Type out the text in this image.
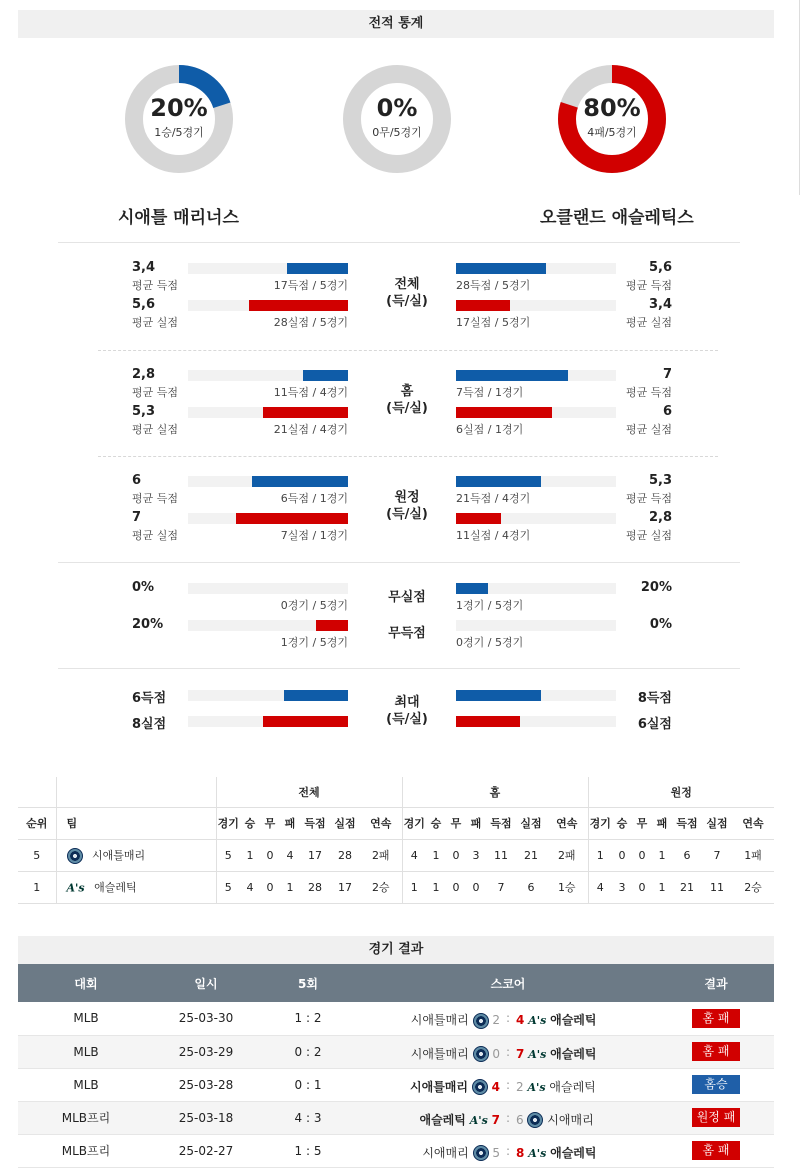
전적 통계
20%
1승/5경기
0%
0무/5경기
80%
4패/5경기
시애틀 매리너스	오클랜드 애슬레틱스
3,4
평균 득점	17득점 / 5경기
5,6
평균 실점	28실점 / 5경기
5,6
평균 득점
28득점 / 5경기
3,4
평균 실점
17실점 / 5경기
전체
(득/실)
2,8
평균 득점	11득점 / 4경기
5,3
평균 실점	21실점 / 4경기
7
평균 득점
7득점 / 1경기
6
평균 실점
6실점 / 1경기
홈
(득/실)
6
평균 득점	6득점 / 1경기
7
평균 실점	7실점 / 1경기
5,3
평균 득점
21득점 / 4경기
2,8
평균 실점
11실점 / 4경기
원정
(득/실)
0%
0경기 / 5경기
20%
1경기 / 5경기
20%
1경기 / 5경기
0%
0경기 / 5경기
무실점
무득점
6득점
8실점
8득점
6실점
최대
(득/실)
		전체							홈							원정						
순위	팀	경기	승	무	패	득점	실점	연속	경기	승	무	패	득점	실점	연속	경기	승	무	패	득점	실점	연속
5	시애틀매리	5	1	0	4	17	28	2패	4	1	0	3	11	21	2패	1	0	0	1	6	7	1패
1	A's 애슬레틱	5	4	0	1	28	17	2승	1	1	0	0	7	6	1승	4	3	0	1	21	11	2승
경기 결과
대회	일시	5회	스코어	결과
MLB	25-03-30	1 : 2	시애틀매리 2 : 4 A's 애슬레틱	홈 패
MLB	25-03-29	0 : 2	시애틀매리 0 : 7 A's 애슬레틱	홈 패
MLB	25-03-28	0 : 1	시애틀매리 4 : 2 A's 애슬레틱	홈승
MLB프리	25-03-18	4 : 3	애슬레틱 A's 7 : 6 시애매리	원정 패
MLB프리	25-02-27	1 : 5	시애매리 5 : 8 A's 애슬레틱	홈 패
